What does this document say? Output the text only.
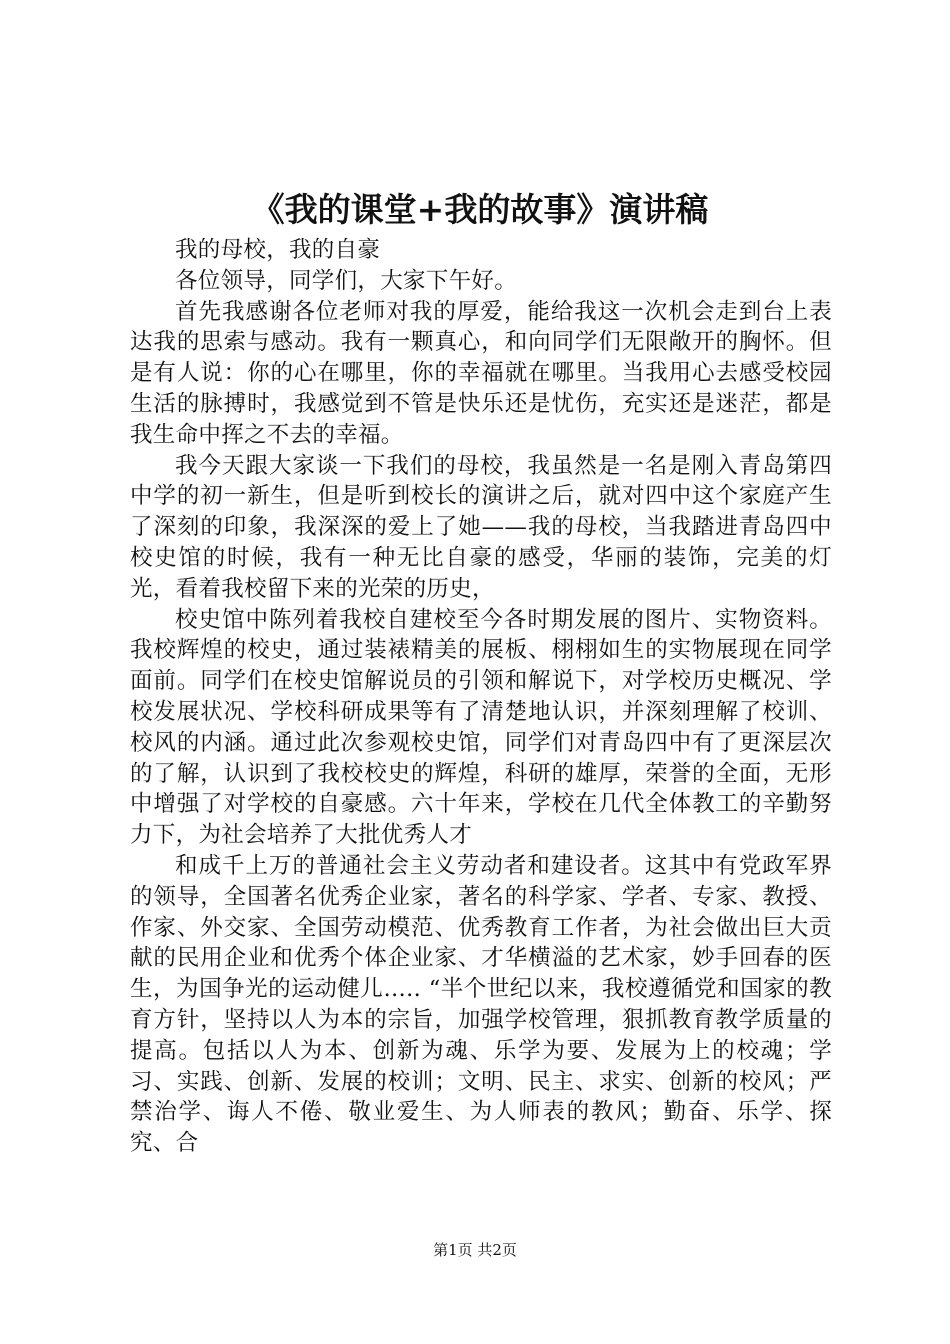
《我的课堂+我的故事》演讲稿

我的母校，我的自豪

各位领导，同学们，大家下午好。

首先我感谢各位老师对我的厚爱，能给我这一次机会走到台上表达我的思索与感动。我有一颗真心，和向同学们无限敞开的胸怀。但是有人说：你的心在哪里，你的幸福就在哪里。当我用心去感受校园生活的脉搏时，我感觉到不管是快乐还是忧伤，充实还是迷茫，都是我生命中挥之不去的幸福。

我今天跟大家谈一下我们的母校，我虽然是一名是刚入青岛第四中学的初一新生，但是听到校长的演讲之后，就对四中这个家庭产生了深刻的印象，我深深的爱上了她——我的母校，当我踏进青岛四中校史馆的时候，我有一种无比自豪的感受，华丽的装饰，完美的灯光，看着我校留下来的光荣的历史，

校史馆中陈列着我校自建校至今各时期发展的图片、实物资料。我校辉煌的校史，通过装裱精美的展板、栩栩如生的实物展现在同学面前。同学们在校史馆解说员的引领和解说下，对学校历史概况、学校发展状况、学校科研成果等有了清楚地认识，并深刻理解了校训、校风的内涵。通过此次参观校史馆，同学们对青岛四中有了更深层次的了解，认识到了我校校史的辉煌，科研的雄厚，荣誉的全面，无形中增强了对学校的自豪感。六十年来，学校在几代全体教工的辛勤努力下，为社会培养了大批优秀人才

和成千上万的普通社会主义劳动者和建设者。这其中有党政军界的领导，全国著名优秀企业家，著名的科学家、学者、专家、教授、作家、外交家、全国劳动模范、优秀教育工作者，为社会做出巨大贡献的民用企业和优秀个体企业家、才华横溢的艺术家，妙手回春的医生，为国争光的运动健儿….. “半个世纪以来，我校遵循党和国家的教育方针，坚持以人为本的宗旨，加强学校管理，狠抓教育教学质量的提高。包括以人为本、创新为魂、乐学为要、发展为上的校魂；学习、实践、创新、发展的校训；文明、民主、求实、创新的校风；严禁治学、诲人不倦、敬业爱生、为人师表的教风；勤奋、乐学、探究、合

第1页 共2页
